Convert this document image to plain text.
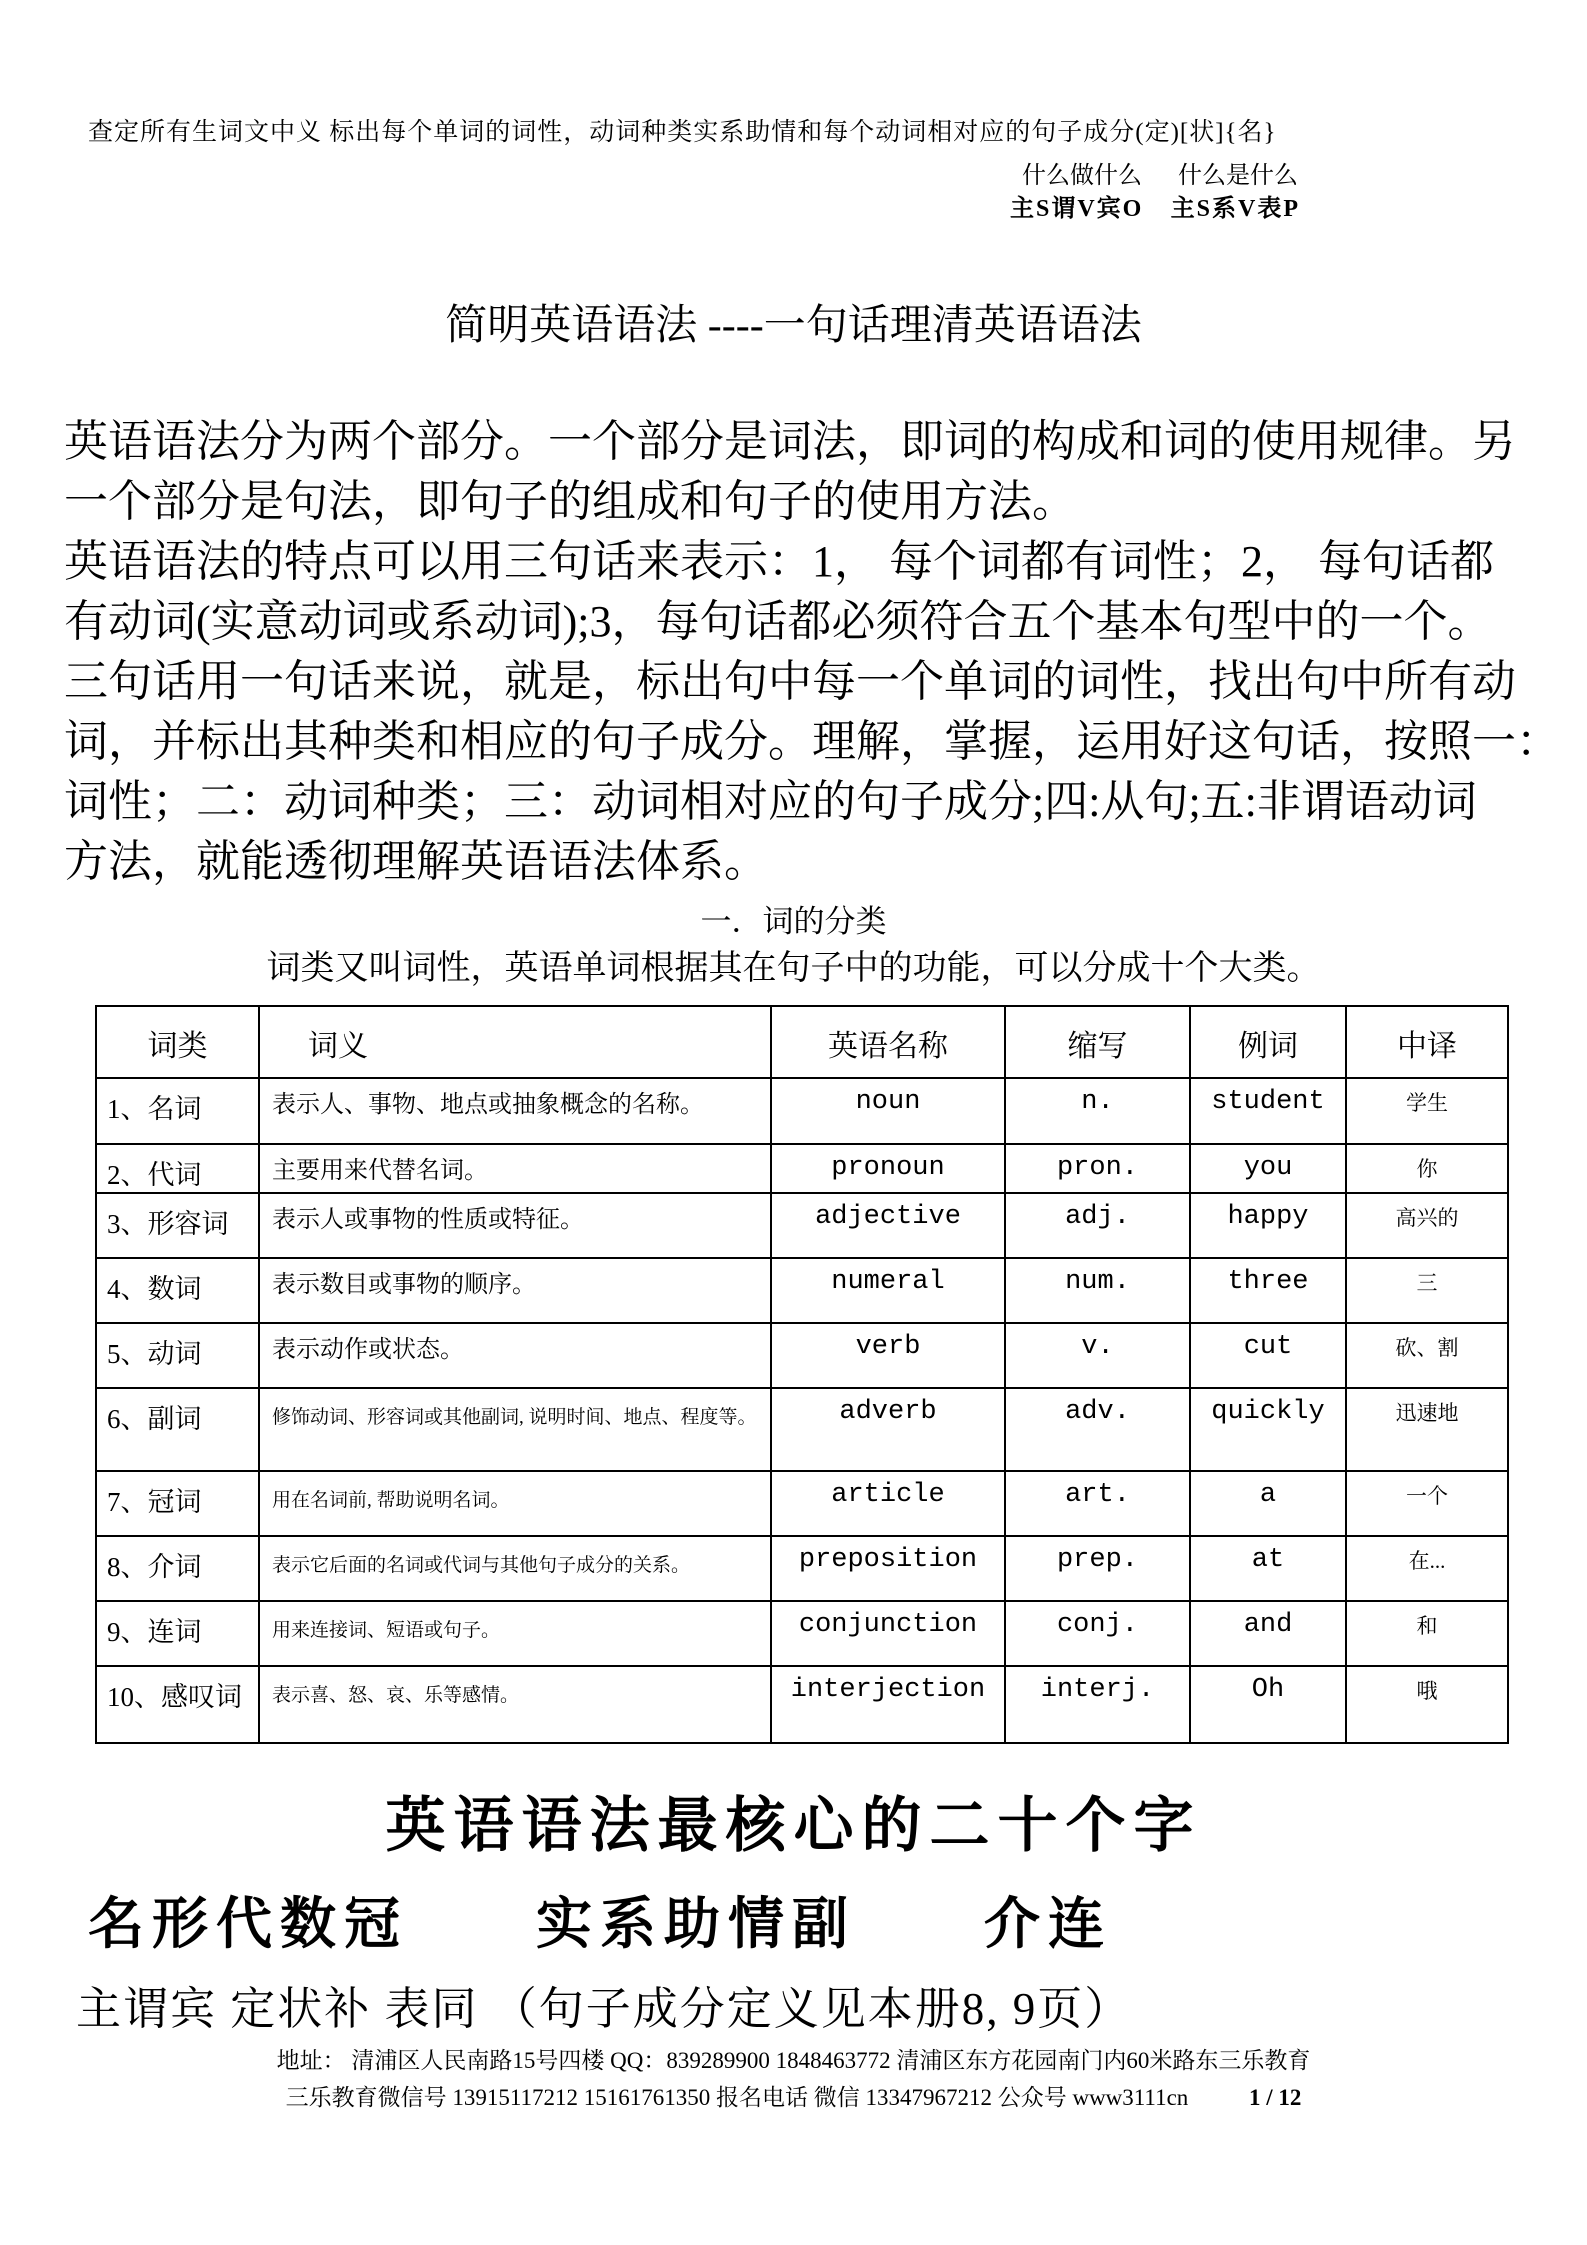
查定所有生词文中义 标出每个单词的词性，动词种类实系助情和每个动词相对应的句子成分(定)[状]{名}
什么做什么 什么是什么
主S谓V宾O 主S系V表P
简明英语语法 ----一句话理清英语语法
英语语法分为两个部分。一个部分是词法，即词的构成和词的使用规律。另
一个部分是句法，即句子的组成和句子的使用方法。
英语语法的特点可以用三句话来表示：1， 每个词都有词性；2， 每句话都
有动词(实意动词或系动词);3，每句话都必须符合五个基本句型中的一个。
三句话用一句话来说，就是，标出句中每一个单词的词性，找出句中所有动
词，并标出其种类和相应的句子成分。理解，掌握，运用好这句话，按照一：
词性；二：动词种类；三：动词相对应的句子成分;四:从句;五:非谓语动词
方法，就能透彻理解英语语法体系。
一．词的分类
词类又叫词性，英语单词根据其在句子中的功能，可以分成十个大类。
词类	词义	英语名称	缩写	例词	中译
1、名词	表示人、事物、地点或抽象概念的名称。	noun	n.	student	学生
2、代词	主要用来代替名词。	pronoun	pron.	you	你
3、形容词	表示人或事物的性质或特征。	adjective	adj.	happy	高兴的
4、数词	表示数目或事物的顺序。	numeral	num.	three	三
5、动词	表示动作或状态。	verb	v.	cut	砍、割
6、副词	修饰动词、形容词或其他副词, 说明时间、地点、程度等。	adverb	adv.	quickly	迅速地
7、冠词	用在名词前, 帮助说明名词。	article	art.	a	一个
8、介词	表示它后面的名词或代词与其他句子成分的关系。	preposition	prep.	at	在...
9、连词	用来连接词、短语或句子。	conjunction	conj.	and	和
10、感叹词	表示喜、怒、哀、乐等感情。	interjection	interj.	Oh	哦
英语语法最核心的二十个字
名形代数冠　　实系助情副　　介连
主谓宾 定状补 表同 （句子成分定义见本册8, 9页）
地址： 清浦区人民南路15号四楼 QQ：839289900 1848463772 清浦区东方花园南门内60米路东三乐教育
三乐教育微信号 13915117212 15161761350 报名电话 微信 13347967212 公众号 www3111cn	1 / 12
